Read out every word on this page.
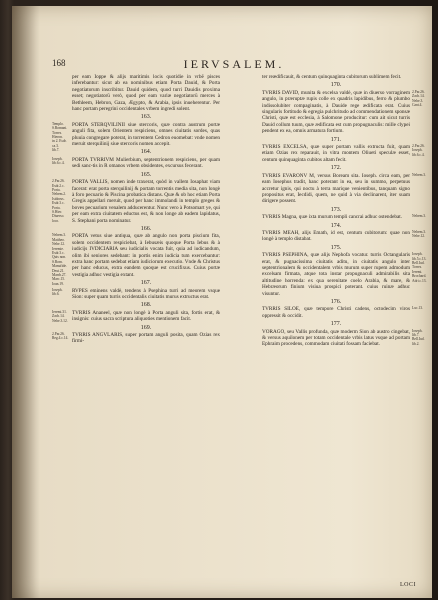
168	IERVSALEM.

per eam Ioppe & alijs maritimis locis quotidie in vrbē pisces inferebantur: sicut ab ea nominibus etiam Porta Dauid, & Porta negotiatorum inscribitur. Dauid quidem, quod turri Dauidis proxima esset; negotiatorū verò, quod per eam variæ negotiatorū merces à Bethleem, Hebron, Gaza, Ægypto, & Arabia, ipsis inueherentur. Per hanc portam peregrini occidentales vrbem ingredi solent.

163.

PORTA STERQVILINII siue stercoris, quæ contra austrum portæ anguli fita, solem Orientem respiciens, omnes ciuitatis sordes, quas pluuia congregare poterat, in torrentem Cedron euomebat: vnde nomen meruit sterquilinij siue stercoris nomen accepit.
Templo.
S.Romani.
Torres.
Hieron.
in 2. Esdr.
ca.3.
lib.7.	164.

PORTA TVRRIVM Mulierbium, septentrionem respiciens, per quam sedi sanc-tis in R omanos vrbem obsidentes, excursus fecerant.
Ioseph.
lib.6.c.4.

165.

PORTA VALLIS, nomen inde traxerat, quòd in vallem Iosaphat viam facerat: erat porta sterquilinij & portam torrentis media sita, non longè à foro pecuario & Piscina probatica distans. Quæ & ob hoc etiam Porta Gregis appellari meruit, quod per hanc immolandi in templo greges & boves pecuarium venalem adducerentur. Nunc vero à Potsomart ye, qui per eam extra ciuitatem eductus est, & non longe ab eadem lapidatus, S. Stephani porta nominatur.
2.Par.26.
Esdr.2.c.
Porta.
Nehem.2.
Isidorus.
Esdr.3.c.
Porta.
S.Hier.
Diuerso.
loco.

166.

PORTA vetus siue antiqua, quæ ab angulo non porta piscium fita, solem occidentem respiciebat, à Iebusæis quoque Porta Iebus & à iudicijs IVDICIARIA seu iudicialis vocata fuit, quia ad iudicandum, olim ibi seniores sedebant: in portis enim iudicia tum exercebantur: extra hanc portam sedebat etiam iudiciorum executio. Vnde & Christus per hanc educus, extra eandem quoque est crucifixus. Cuius portæ vestigia adhuc vestigia extant.
Nehem.3.
Mattheo.
Nehe.12.
Ieremie.
Esdr.3.c.
Quis non.
S.Rom.
Manufide.
Deut.21.
Marrh.27.
Marc.15.
Ioan.19.	167.

RVPES eminens valdè, tendens à Psephina turri ad meorem vsque Sion: super quam turris occidentalis ciuitatis murus extructus erat.
Ioseph.
lib.6.

168.

TVRRIS Ananeel, quæ non longè à Porta anguli sita, fortis erat, & insignis: cuius sacra scriptura aliquoties mentionem facit.
Ieremi.31.
Zach.14.
Nehe.3.12.

169.

TVRRIS ANGVLARIS, super portam anguli posita, quam Ozias rex firmi-
2.Par.26.
Reg.4.c.14.

ter reædificauit, & centum quinquaginta cubitorum sublimem fecit.

170.

TVRRIS DAVID, munita & excelsa valdè, quæ in diuerso vorraginem angulo, in præruptæ rupis colle ex quadris lapidibus, ferro & plumbo indissolubiter compaginatis, à Dauide rege ædificata erat. Cuius singularis fortitudo & egregia pulchritudo ad commendationem sponsæ Christi, quæ est ecclesia, à Salomone producitur: cum ait sicut turris Dauid collum tuum, quæ ædificata est cum propugnaculis: mille clypei pendent ex ea, omnis armatura fortium.
2.Par.26.
Zach.14.
Nehe.3.
Cant.4.

171.

TVRRIS EXCELSA, quæ super portam vallis extructa fuit, quam etiam Ozias rex reparauit, in vitra montem Oliueti speculæ esset, centum quinquaginta cubitos altam fecit.
2.Par.26.
Ioseph.
lib.6.c.4.

172.

TVRRIS EVARONV M, versus Boream sita. Ioseph. circa eam, per eam Iosephus tradit, hanc poterant in ea, seu in summo, perpetuus accretur ignis, qui noctu à terra marique venientibus, tanquam signo propositus erat, Iecdidi, quem, ne quid à via declinarent, iter suam dirigere possent.
Nehem.3.

173.

TVRRIS Magna, quæ ixta murum templi cancrai adhuc ostendebat.	Nehem.3.

174.

TVRRIS MEAH, alijs Emath, id est, centum cubitorum: quae non longè à templo distabat.
Nehem.3.
Nehe.12.

175.

TVRRIS PSEPHINA, quæ alijs Nephofa vocatur. turris Octangularis erat, & pugnacissima ciuitatis aditu, in ciuitatis angulo inter septentrionalem & occidentalem vrbis murum super rupem admodum excelsam firmata, atque tota instar propugnaculi admirabilis sita altitudine horrenda: ex qua serenitate coelo Arabia, & mare, & Hebræorum finium visiua prospici poterant. cuius ruinæ adhuc visuntur.
Ioseph.
lib.5.c.13.
Bell.Iud.
Torres.
Ieremi.
Brochard.
Adri.c.13.

176.

TVRRIS SILOE, quæ tempore Christi cadens, octodecim viros oppressit & occidit.
Luc.13.

177.

VORAGO, seu Vallis profunda, quæ moderm Sion ab austro cingebat, & versus aquilonem per totam occidentale vrbis latus vsque ad portam Ephraim procedens, commodam ciuitati fossam faciebat.
Ioseph.
lib.7.
Bell.Iud.
lib.2.

LOCI
